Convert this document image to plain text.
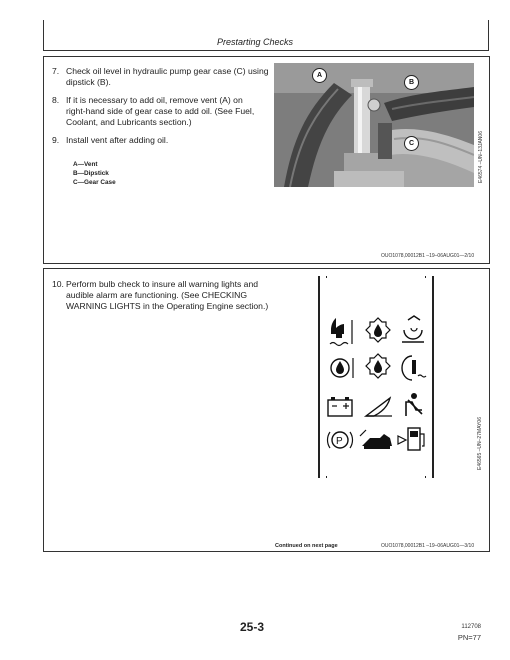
Prestarting Checks
7. Check oil level in hydraulic pump gear case (C) using
dipstick (B).
8. If it is necessary to add oil, remove vent (A) on
right-hand side of gear case to add oil. (See Fuel,
Coolant, and Lubricants section.)
9. Install vent after adding oil.
A—Vent
B—Dipstick
C—Gear Case
A
B
C	E46574 –UN–13JAN06
OUO1078,00012B1 –19–06AUG01—2/10
10. Perform bulb check to insure all warning lights and
audible alarm are functioning. (See CHECKING
WARNING LIGHTS in the Operating Engine section.)
P	E46565 –UN–27MAY06
Continued on next page	OUO1078,00012B1 –19–06AUG01—3/10
25-3	112708
PN=77
